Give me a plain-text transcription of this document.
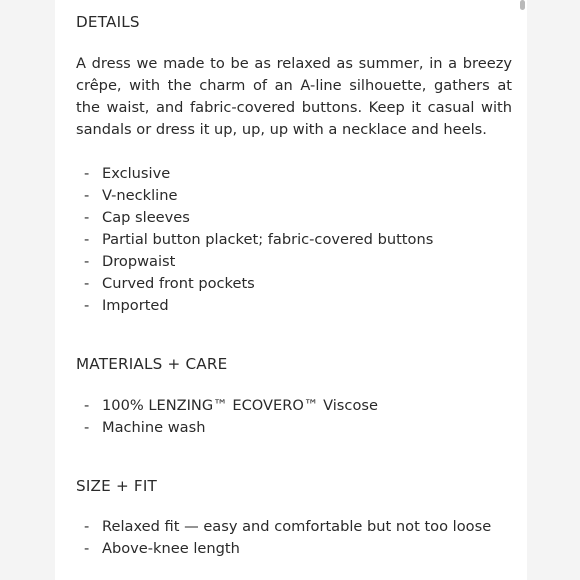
DETAILS
A dress we made to be as relaxed as summer, in a breezy crêpe, with the charm of an A-line silhouette, gathers at the waist, and fabric-covered buttons. Keep it casual with sandals or dress it up, up, up with a necklace and heels.
- Exclusive
- V-neckline
- Cap sleeves
- Partial button placket; fabric-covered buttons
- Dropwaist
- Curved front pockets
- Imported
MATERIALS + CARE
- 100% LENZING™ ECOVERO™ Viscose
- Machine wash
SIZE + FIT
- Relaxed fit — easy and comfortable but not too loose
- Above-knee length
